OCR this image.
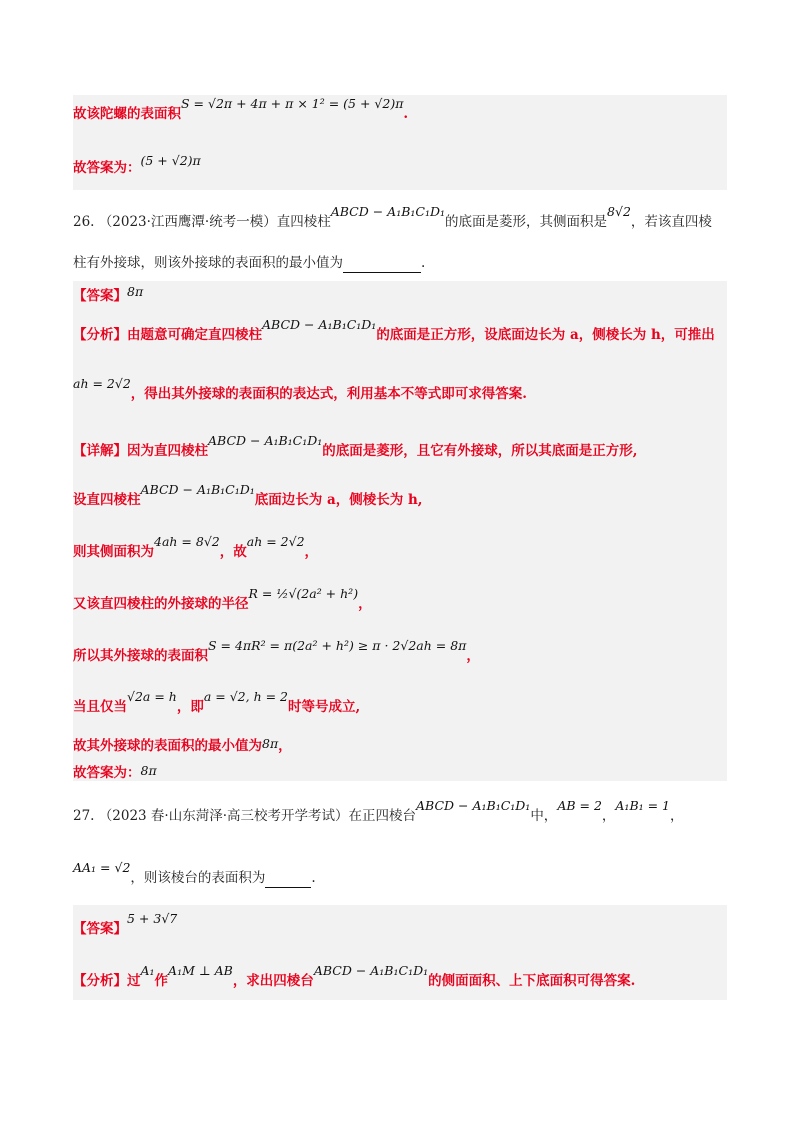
故该陀螺的表面积S = √2π + 4π + π × 1² = (5 + √2)π.
故答案为：(5 + √2)π
26. （2023·江西鹰潭·统考一模）直四棱柱ABCD − A₁B₁C₁D₁的底面是菱形，其侧面积是8√2，若该直四棱
柱有外接球，则该外接球的表面积的最小值为	.
【答案】8π
【分析】由题意可确定直四棱柱ABCD − A₁B₁C₁D₁的底面是正方形，设底面边长为 a，侧棱长为 h，可推出
ah = 2√2，得出其外接球的表面积的表达式，利用基本不等式即可求得答案.
【详解】因为直四棱柱ABCD − A₁B₁C₁D₁的底面是菱形，且它有外接球，所以其底面是正方形,
设直四棱柱ABCD − A₁B₁C₁D₁底面边长为 a，侧棱长为 h,
则其侧面积为4ah = 8√2，故ah = 2√2，
又该直四棱柱的外接球的半径R = ½√(2a² + h²)，
所以其外接球的表面积S = 4πR² = π(2a² + h²) ≥ π · 2√2ah = 8π，
当且仅当√2a = h，即a = √2, h = 2时等号成立,
故其外接球的表面积的最小值为8π，
故答案为：8π
27. （2023 春·山东菏泽·高三校考开学考试）在正四棱台ABCD − A₁B₁C₁D₁中，AB = 2，A₁B₁ = 1，
AA₁ = √2，则该棱台的表面积为	.
【答案】5 + 3√7
【分析】过A₁作A₁M ⊥ AB，求出四棱台ABCD − A₁B₁C₁D₁的侧面面积、上下底面积可得答案.
